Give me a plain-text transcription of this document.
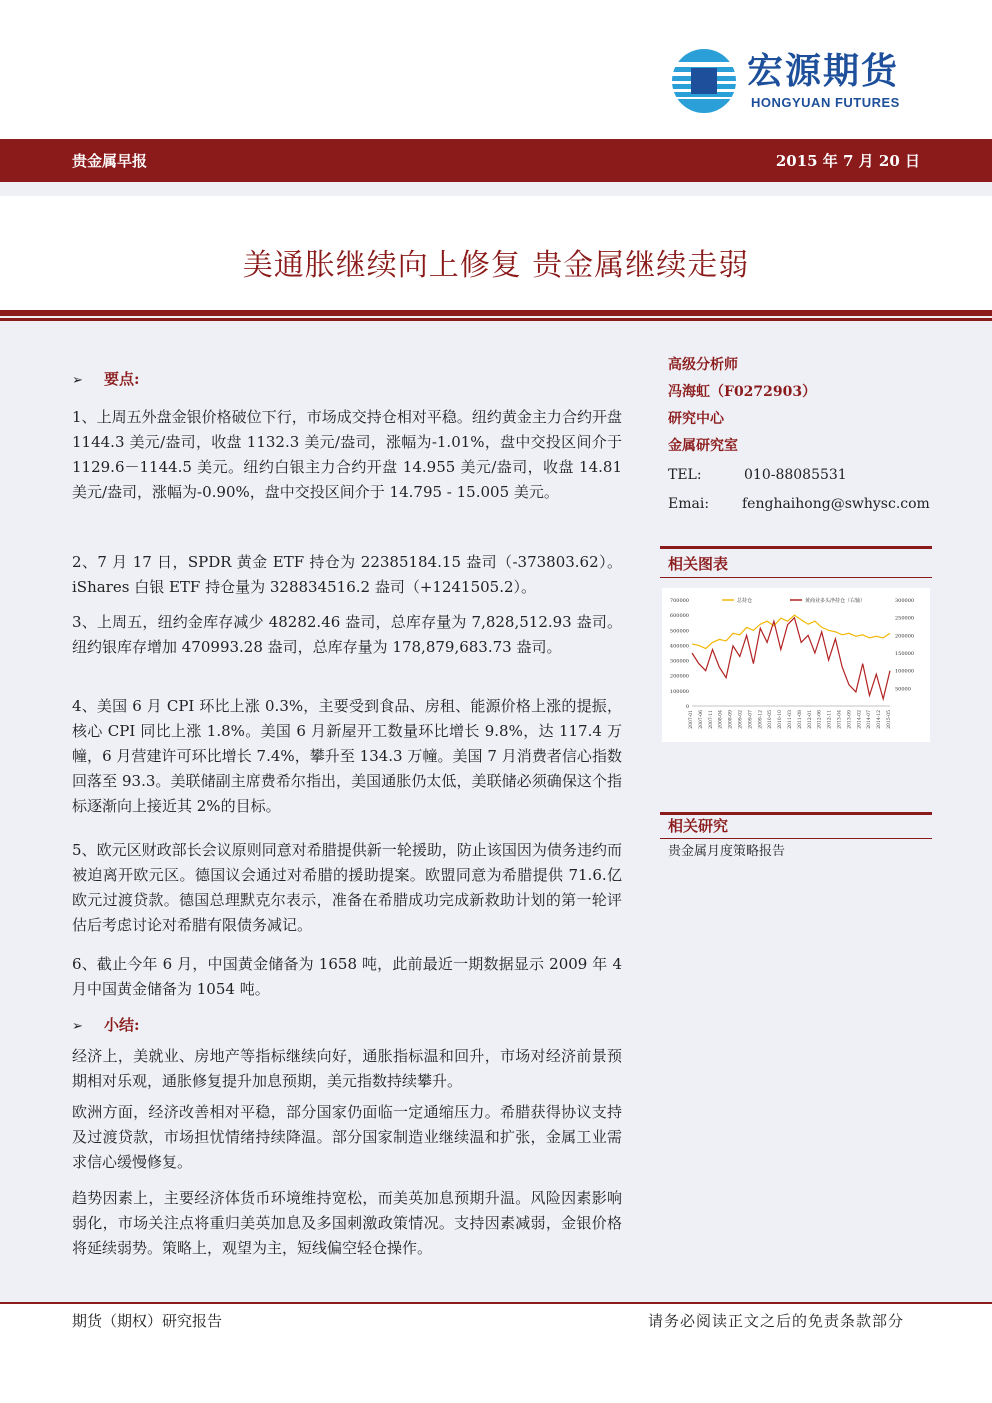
宏源期货
HONGYUAN FUTURES
贵金属早报	2015 年 7 月 20 日
美通胀继续向上修复 贵金属继续走弱
➢ 要点:

1、上周五外盘金银价格破位下行，市场成交持仓相对平稳。纽约黄金主力合约开盘 1144.3 美元/盎司，收盘 1132.3 美元/盎司，涨幅为-1.01%，盘中交投区间介于 1129.6－1144.5 美元。纽约白银主力合约开盘 14.955 美元/盎司，收盘 14.81 美元/盎司，涨幅为-0.90%，盘中交投区间介于 14.795 - 15.005 美元。

2、7 月 17 日，SPDR 黄金 ETF 持仓为 22385184.15 盎司（-373803.62）。iShares 白银 ETF 持仓量为 328834516.2 盎司（+1241505.2）。

3、上周五，纽约金库存减少 48282.46 盎司，总库存量为 7,828,512.93 盎司。纽约银库存增加 470993.28 盎司，总库存量为 178,879,683.73 盎司。

4、美国 6 月 CPI 环比上涨 0.3%，主要受到食品、房租、能源价格上涨的提振，核心 CPI 同比上涨 1.8%。美国 6 月新屋开工数量环比增长 9.8%，达 117.4 万幢，6 月营建许可环比增长 7.4%，攀升至 134.3 万幢。美国 7 月消费者信心指数回落至 93.3。美联储副主席费希尔指出，美国通胀仍太低，美联储必须确保这个指标逐渐向上接近其 2%的目标。

5、欧元区财政部长会议原则同意对希腊提供新一轮援助，防止该国因为债务违约而被迫离开欧元区。德国议会通过对希腊的援助提案。欧盟同意为希腊提供 71.6.亿欧元过渡贷款。德国总理默克尔表示，准备在希腊成功完成新救助计划的第一轮评估后考虑讨论对希腊有限债务减记。

6、截止今年 6 月，中国黄金储备为 1658 吨，此前最近一期数据显示 2009 年 4 月中国黄金储备为 1054 吨。

➢ 小结:

经济上，美就业、房地产等指标继续向好，通胀指标温和回升，市场对经济前景预期相对乐观，通胀修复提升加息预期，美元指数持续攀升。

欧洲方面，经济改善相对平稳，部分国家仍面临一定通缩压力。希腊获得协议支持及过渡贷款，市场担忧情绪持续降温。部分国家制造业继续温和扩张，金属工业需求信心缓慢修复。

趋势因素上，主要经济体货币环境维持宽松，而美英加息预期升温。风险因素影响弱化，市场关注点将重归美英加息及多国刺激政策情况。支持因素减弱，金银价格将延续弱势。策略上，观望为主，短线偏空轻仓操作。

高级分析师
冯海虹（F0272903）
研究中心
金属研究室
TEL:	010-88085531
Emai: fenghaihong@swhysc.com
相关图表
700000
600000
500000
400000
300000
200000
100000
0
300000
250000
200000
150000
100000
50000
2007-01 2007-06 2007-11 2008-04 2008-09 2009-02 2009-07 2009-12 2010-05 2010-10 2011-03 2011-08 2012-01 2012-06 2012-11 2013-04 2013-09 2014-02 2014-07 2014-12 2015-05
总持仓	黄商业多头净持仓（右轴）
相关研究
贵金属月度策略报告
期货（期权）研究报告	请务必阅读正文之后的免责条款部分
